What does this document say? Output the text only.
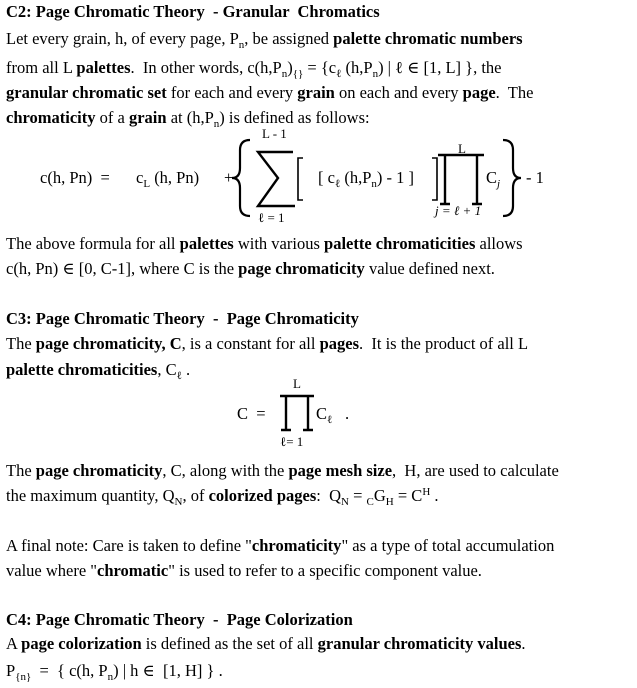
C2: Page Chromatic Theory  - Granular  Chromatics
Let every grain, h, of every page, $P_n$, be assigned palette chromatic numbers
from all L palettes.  In other words, $c(h,P_n)_{\{\}} = \{c_\ell$ $(h,P_n)$ | ℓ ∈ [1, L] }, the
granular chromatic set for each and every grain on each and every page.  The
chromaticity of a grain at $(h,P_n)$ is defined as follows:
c(h, $Pn) = c_L$ (h, Pn) +
L - 1
ℓ = 1
[ $c_\ell$ $(h,P_n) - 1$ ]
L
j = ℓ + 1
$C_j - 1$
The above formula for all palettes with various palette chromaticities allows
c(h, Pn) ∈ [0, C-1], where C is the page chromaticity value defined next.
C3: Page Chromatic Theory  -  Page Chromaticity
The page chromaticity, C, is a constant for all pages.  It is the product of all L
palette chromaticities, $C_\ell$ .
C  =
L
ℓ= 1
$C_\ell$ .
The page chromaticity, C, along with the page mesh size,  H, are used to calculate
the maximum quantity, $Q_N$, of colorized pages:  $Q_N = _CG_H = C^H$ .
A final note: Care is taken to define "chromaticity" as a type of total accumulation
value where "chromatic" is used to refer to a specific component value.
C4: Page Chromatic Theory  -  Page Colorization
A page colorization is defined as the set of all granular chromaticity values.
$P_{\{n\}}$  =  { c(h, $P_n$) | h ∈  [1, H] } .
